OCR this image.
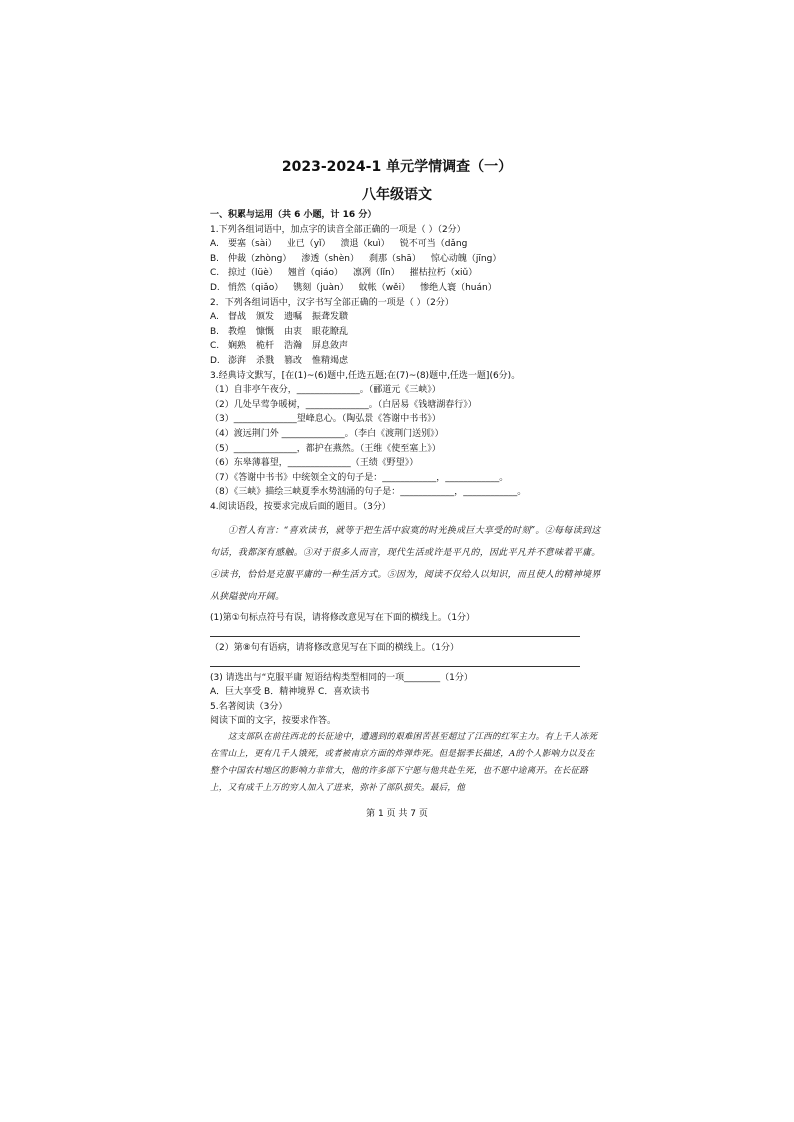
2023-2024-1 单元学情调查（一）
八年级语文
一、积累与运用（共 6 小题，计 16 分）
1.下列各组词语中，加点字的读音全部正确的一项是（ ）（2分）
A.	要塞（sài） 业已（yǐ） 溃退（kuì） 锐不可当（dǎng
B. 仲裁（zhòng） 渗透（shèn） 刹那（shā） 惊心动魄（jīng）
C. 掠过（lüè） 翘首（qiáo） 凛冽（lǐn） 摧枯拉朽（xiǔ）
D. 悄然（qiǎo） 镌刻（juàn） 蚊帐（wěi） 惨绝人寰（huán）
2．下列各组词语中，汉字书写全部正确的一项是（ ）（2分）
A.	督战 颁发 遗嘱 振聋发聩
B. 教煌 慷慨 由衷 眼花瞭乱
C. 娴熟 桅杆 浩瀚 屏息敛声
D. 澎湃 杀戮 篡改 惟精竭虑
3.经典诗文默写，[在(1)~(6)题中,任选五题;在(7)~(8)题中,任选一题](6分)。
（1）自非亭午夜分，______________。（郦道元《三峡》）
（2）几处早莺争暖树，______________。（白居易《钱塘湖春行》）
（3）______________望峰息心。（陶弘景《答谢中书书》）
（4）渡远荆门外 ______________。（李白《渡荆门送别》）
（5）______________，都护在燕然。（王维《使至塞上》）
（6）东皋薄暮望，______________（王绩《野望》）
（7）《答谢中书书》中统领全文的句子是：____________，____________。
（8）《三峡》描绘三峡夏季水势汹涌的句子是：____________，____________。
4.阅读语段，按要求完成后面的题目。（3分）
①哲人有言：“喜欢读书，就等于把生活中寂寞的时光换成巨大享受的时刻”。②每每读到这句话，我都深有感触。③对于很多人而言，现代生活或许是平凡的，因此平凡并不意味着平庸。④读书，恰恰是克服平庸的一种生活方式。⑤因为，阅读不仅给人以知识，而且使人的精神境界从狭隘驶向开阔。
(1)第①句标点符号有误，请将修改意见写在下面的横线上。（1分）
（2）第⑧句有语病，请将修改意见写在下面的横线上。（1分）
(3) 请选出与“克服平庸 短语结构类型相同的一项________（1分）
A．巨大享受 B．精神境界 C．喜欢读书
5.名著阅读（3分）
阅读下面的文字，按要求作答。
这支部队在前往西北的长征途中，遭遇到的艰难困苦甚至超过了江西的红军主力。有上千人冻死在雪山上，更有几千人饿死，或者被南京方面的炸弹炸死。但是据季长描述，A的个人影响力以及在整个中国农村地区的影响力非常大，他的许多部下宁愿与他共赴生死，也不愿中途离开。在长征路上，又有成千上万的穷人加入了进来，弥补了部队损失。最后，他
第 1 页 共 7 页
